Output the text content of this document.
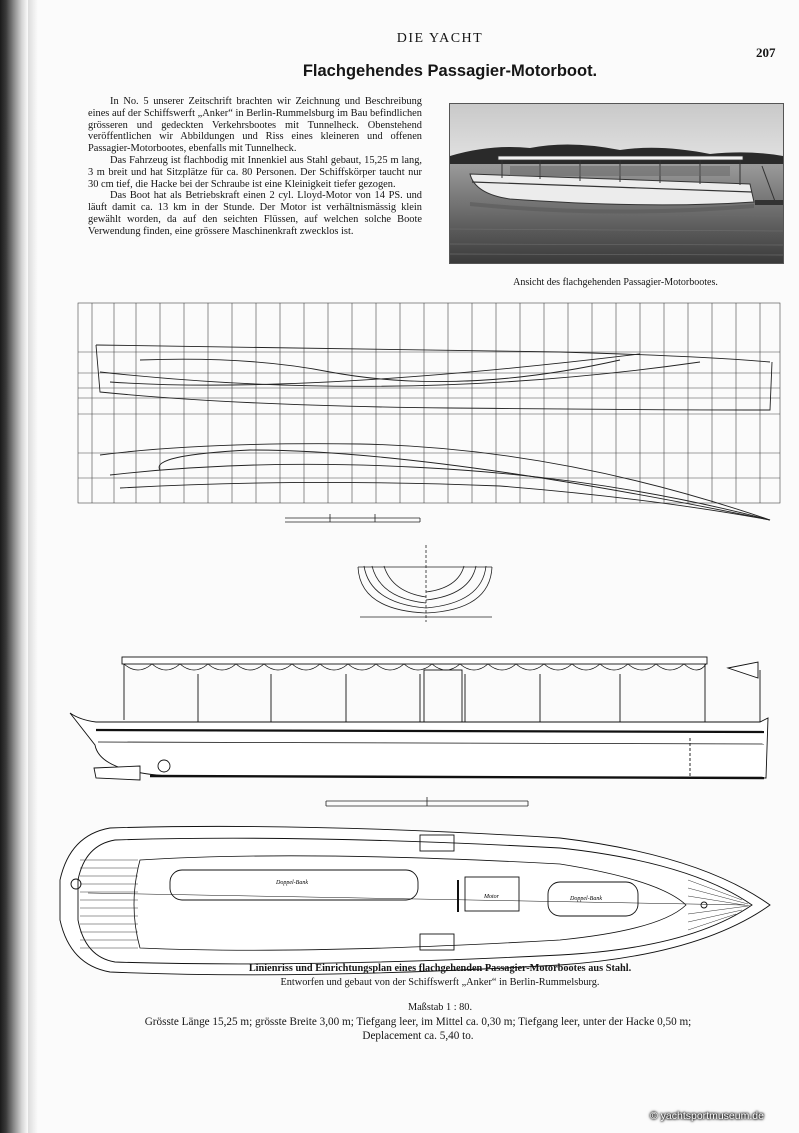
DIE YACHT
207
Flachgehendes Passagier-Motorboot.

In No. 5 unserer Zeitschrift brachten wir Zeichnung und Beschreibung eines auf der Schiffswerft „Anker“ in Berlin-Rummelsburg im Bau befindlichen grösseren und gedeckten Verkehrsbootes mit Tunnelheck. Obenstehend veröffentlichen wir Abbildungen und Riss eines kleineren und offenen Passagier-Motorbootes, ebenfalls mit Tunnelheck.

Das Fahrzeug ist flachbodig mit Innenkiel aus Stahl gebaut, 15,25 m lang, 3 m breit und hat Sitzplätze für ca. 80 Personen. Der Schiffskörper taucht nur 30 cm tief, die Hacke bei der Schraube ist eine Kleinigkeit tiefer gezogen.

Das Boot hat als Betriebskraft einen 2 cyl. Lloyd-Motor von 14 PS. und läuft damit ca. 13 km in der Stunde. Der Motor ist verhältnismässig klein gewählt worden, da auf den seichten Flüssen, auf welchen solche Boote Verwendung finden, eine grössere Maschinenkraft zwecklos ist.

Ansicht des flachgehenden Passagier-Motorbootes.
Doppel-Bank
Motor	Doppel-Bank
Linienriss und Einrichtungsplan eines flachgehenden Passagier-Motorbootes aus Stahl.
Entworfen und gebaut von der Schiffswerft „Anker“ in Berlin-Rummelsburg.
Maßstab 1 : 80.
Grösste Länge 15,25 m; grösste Breite 3,00 m; Tiefgang leer, im Mittel ca. 0,30 m; Tiefgang leer, unter der Hacke 0,50 m;
Deplacement ca. 5,40 to.
© yachtsportmuseum.de
